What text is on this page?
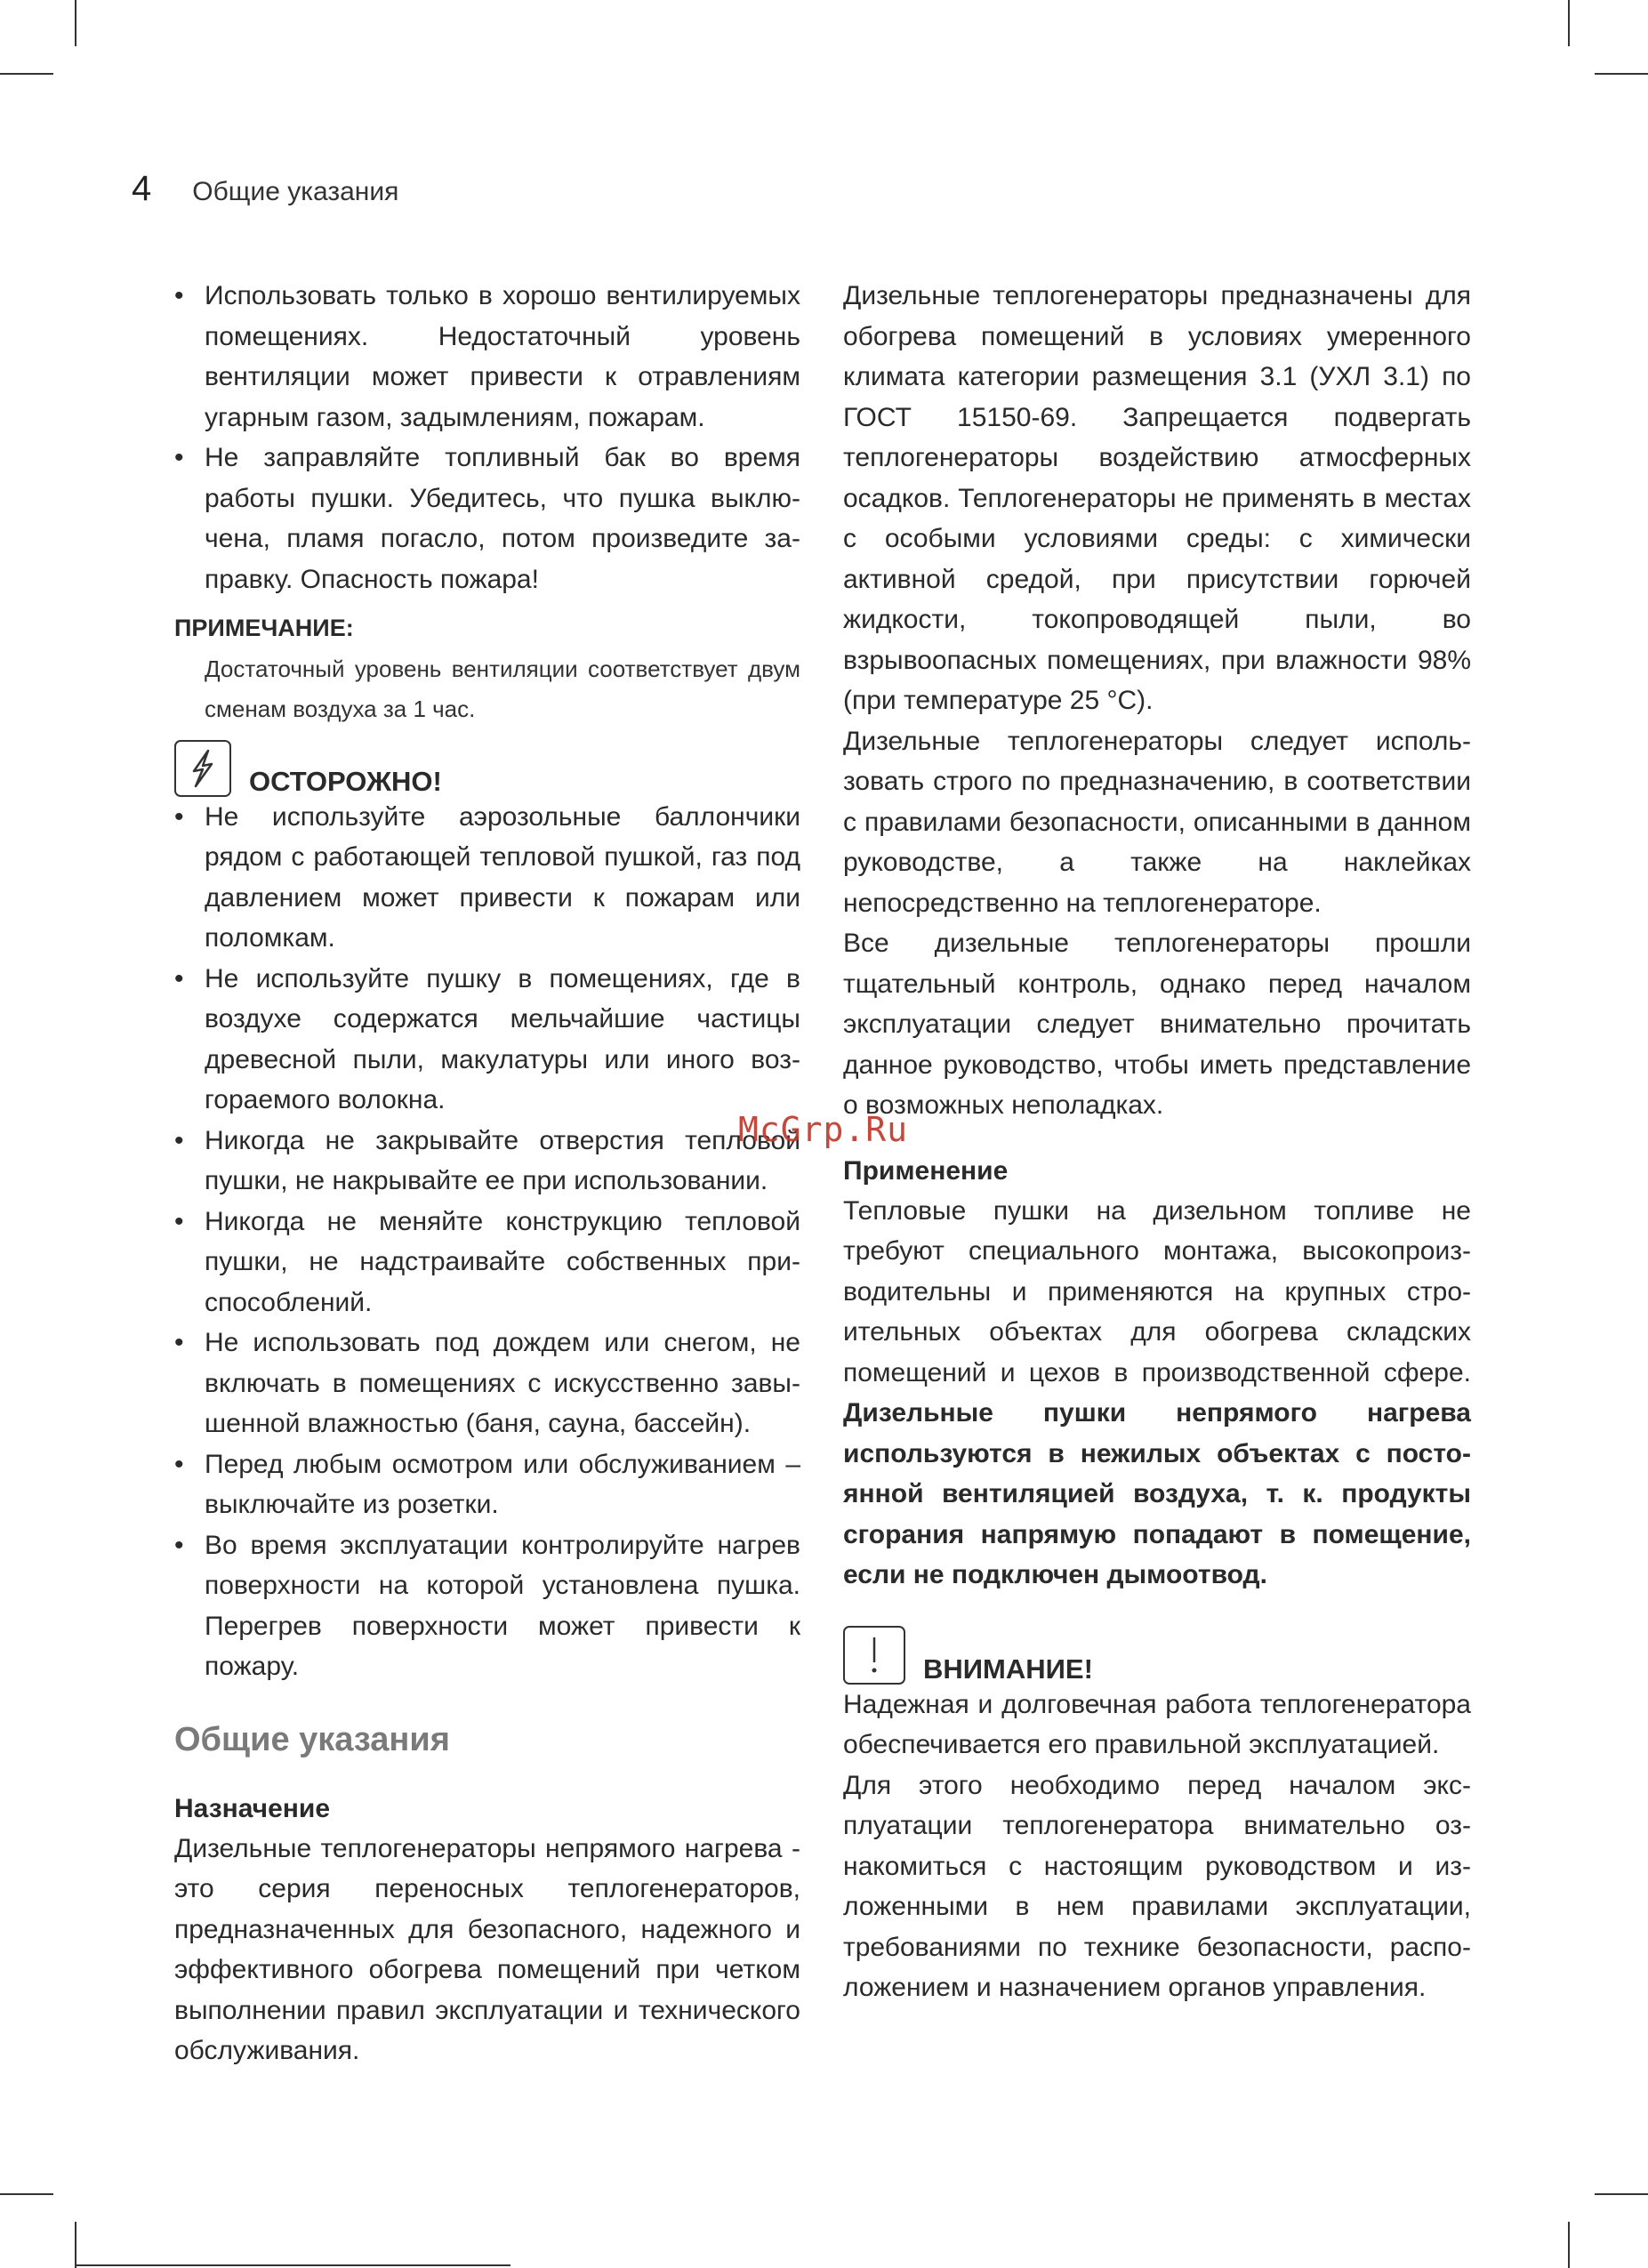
4 Общие указания
• Использовать только в хорошо вентилируемых помещениях. Недостаточный уровень вентиляции может привести к отравлениям угарным газом, задымлениям, пожарам.
• Не заправляйте топливный бак во время работы пушки. Убедитесь, что пушка выключена, пламя погасло, потом произведите заправку. Опасность пожара!
ПРИМЕЧАНИЕ:
Достаточный уровень вентиляции соответствует двум сменам воздуха за 1 час.
ОСТОРОЖНО!
• Не используйте аэрозольные баллончики рядом с работающей тепловой пушкой, газ под давлением может привести к пожарам или поломкам.
• Не используйте пушку в помещениях, где в воздухе содержатся мельчайшие частицы древесной пыли, макулатуры или иного возгораемого волокна.
• Никогда не закрывайте отверстия тепловой пушки, не накрывайте ее при использовании.
• Никогда не меняйте конструкцию тепловой пушки, не надстраивайте собственных приспособлений.
• Не использовать под дождем или снегом, не включать в помещениях с искусственно завышенной влажностью (баня, сауна, бассейн).
• Перед любым осмотром или обслуживанием – выключайте из розетки.
• Во время эксплуатации контролируйте нагрев поверхности на которой установлена пушка. Перегрев поверхности может привести к пожару.
Общие указания
Назначение

Дизельные теплогенераторы непрямого нагрева - это серия переносных теплогенераторов, предназначенных для безопасного, надежного и эффективного обогрева помещений при четком выполнении правил эксплуатации и технического обслуживания.

Дизельные теплогенераторы предназначены для обогрева помещений в условиях умеренного климата категории размещения 3.1 (УХЛ 3.1) по ГОСТ 15150-69. Запрещается подвергать теплогенераторы воздействию атмосферных осадков. Теплогенераторы не применять в местах с особыми условиями среды: с химически активной средой, при присутствии горючей жидкости, токопроводящей пыли, во взрывоопасных помещениях, при влажности 98% (при температуре 25 °С).

Дизельные теплогенераторы следует использовать строго по предназначению, в соответствии с правилами безопасности, описанными в данном руководстве, а также на наклейках непосредственно на теплогенераторе.

Все дизельные теплогенераторы прошли тщательный контроль, однако перед началом эксплуатации следует внимательно прочитать данное руководство, чтобы иметь представление о возможных неполадках.

Применение

Тепловые пушки на дизельном топливе не требуют специального монтажа, высокопроизводительны и применяются на крупных строительных объектах для обогрева складских помещений и цехов в производственной сфере. Дизельные пушки непрямого нагрева используются в нежилых объектах с постоянной вентиляцией воздуха, т. к. продукты сгорания напрямую попадают в помещение, если не подключен дымоотвод.

ВНИМАНИЕ!

Надежная и долговечная работа теплогенератора обеспечивается его правильной эксплуатацией.

Для этого необходимо перед началом эксплуатации теплогенератора внимательно ознакомиться с настоящим руководством и изложенными в нем правилами эксплуатации, требованиями по технике безопасности, расположением и назначением органов управления.

McGrp.Ru
